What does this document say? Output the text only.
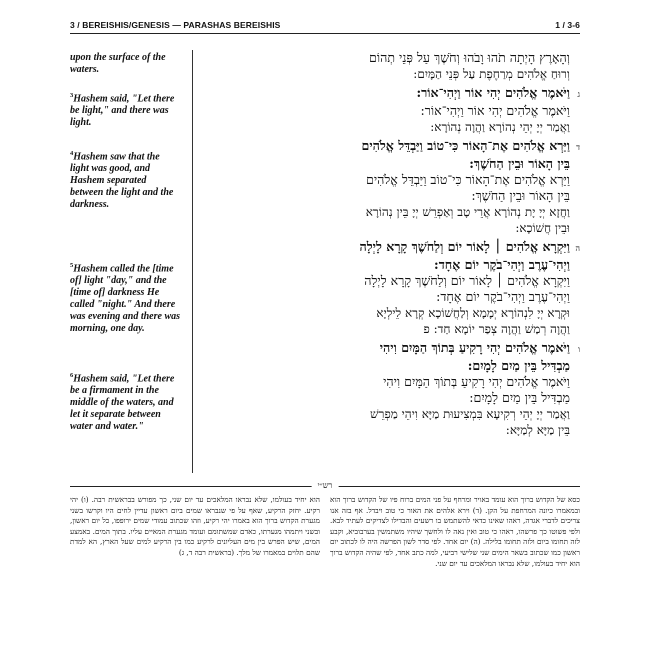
3 / BEREISHIS/GENESIS — PARASHAS BEREISHIS	1 / 3-6
upon the surface of the waters.
$^3$Hashem said, "Let there be light," and there was light.
$^4$Hashem saw that the light was good, and Hashem separated between the light and the darkness.
$^5$Hashem called the [time of] light "day," and the [time of] darkness He called "night." And there was evening and there was morning, one day.
$^6$Hashem said, "Let there be a firmament in the middle of the waters, and let it separate between water and water."
וְהָאָרֶץ הָיְתָה תֹהוּ וָבֹהוּ וְחֹשֶׁךְ עַל פְּנֵי תְהוֹם
וְרוּחַ אֱלֹהִים מְרַחֶפֶת עַל פְּנֵי הַמָּיִם:
גוַיֹּאמֶר אֱלֹהִים יְהִי אוֹר וַיְהִי־אוֹר:
וַיֹּאמֶר אֱלֹהִים יְהִי אוֹר וַיְהִי־אוֹר:
וַאֲמַר יְיָ יְהֵי נְהוֹרָא וַהֲוָה נְהוֹרָא:
דוַיַּרְא אֱלֹהִים אֶת־הָאוֹר כִּי־טוֹב וַיַּבְדֵּל אֱלֹהִים
בֵּין הָאוֹר וּבֵין הַחֹשֶׁךְ:
וַיַּרְא אֱלֹהִים אֶת־הָאוֹר כִּי־טוֹב וַיַּבְדֵּל אֱלֹהִים
בֵּין הָאוֹר וּבֵין הַחֹשֶׁךְ:
וַחֲזָא יְיָ יָת נְהוֹרָא אֲרֵי טָב וְאַפְרֵשׁ יְיָ בֵּין נְהוֹרָא
וּבֵין חֲשׁוֹכָא:
הוַיִּקְרָא אֱלֹהִים ׀ לָאוֹר יוֹם וְלַחֹשֶׁךְ קָרָא לָיְלָה
וַיְהִי־עֶרֶב וַיְהִי־בֹקֶר יוֹם אֶחָד:
וַיִּקְרָא אֱלֹהִים ׀ לָאוֹר יוֹם וְלַחֹשֶׁךְ קָרָא לָיְלָה
וַיְהִי־עֶרֶב וַיְהִי־בֹקֶר יוֹם אֶחָד:
וּקְרָא יְיָ לִנְהוֹרָא יְמָמָא וְלַחֲשׁוֹכָא קְרָא לֵילְיָא
וַהֲוָה רְמַשׁ וַהֲוָה צְפַר יוֹמָא חַד: פ
ווַיֹּאמֶר אֱלֹהִים יְהִי רָקִיעַ בְּתוֹךְ הַמָּיִם וִיהִי
מַבְדִּיל בֵּין מַיִם לָמָיִם:
וַיֹּאמֶר אֱלֹהִים יְהִי רָקִיעַ בְּתוֹךְ הַמָּיִם וִיהִי
מַבְדִּיל בֵּין מַיִם לָמָיִם:
וַאֲמַר יְיָ יְהֵי רְקִיעָא בִּמְצִיעוּת מַיָּא וִיהֵי מַפְרֵשׁ
בֵּין מַיָּא לְמַיָּא:
רש״י
הוא יחיד בעולמו, שלא נבראו המלאכים עד יום שני, כך מפורש בבראשית רבה. (ו) יהי רקיע. יחזק הרקיע, שאף על פי שנבראו שמים ביום ראשון עדיין לחים היו וקרשו בשני מגערת הקדוש ברוך הוא באמרו יהי רקיע, וזהו שכתוב עמודי שמים ירופפו, כל יום ראשון, ובשני ויתמהו מגערתו, כאדם שמשתומם ועומד מגערת המאיים עליו. בתוך המים. באמצע המים, שיש הפרש בין מים העליונים לרקיע כמו בין הרקיע למים שעל הארץ, הא למדת שהם תלוים במאמרו של מלך. (בראשית רבה ד, ג)
כסא של הקדוש ברוך הוא עומד באויר ומרחף על פני המים ברוח פיו של הקדוש ברוך הוא ובמאמרו כיונה המרחפת על הקן. (ד) וירא אלהים את האור כי טוב ויבדל. אף בזה אנו צריכים לדברי אגדה, ראהו שאינו כדאי להשתמש בו רשעים והבדילו לצדיקים לעתיד לבא. ולפי פשוטו כך פרשהו, ראהו כי טוב ואין נאה לו ולחשך שיהיו משתמשין בערבוביא, וקבע לזה תחומו ביום ולזה תחומו בלילה. (ה) יום אחד. לפי סדר לשון הפרשה היה לו לכתוב יום ראשון כמו שכתוב בשאר הימים שני שלישי רביעי, למה כתב אחד, לפי שהיה הקדוש ברוך הוא יחיד בעולמו, שלא נבראו המלאכים עד יום שני.
